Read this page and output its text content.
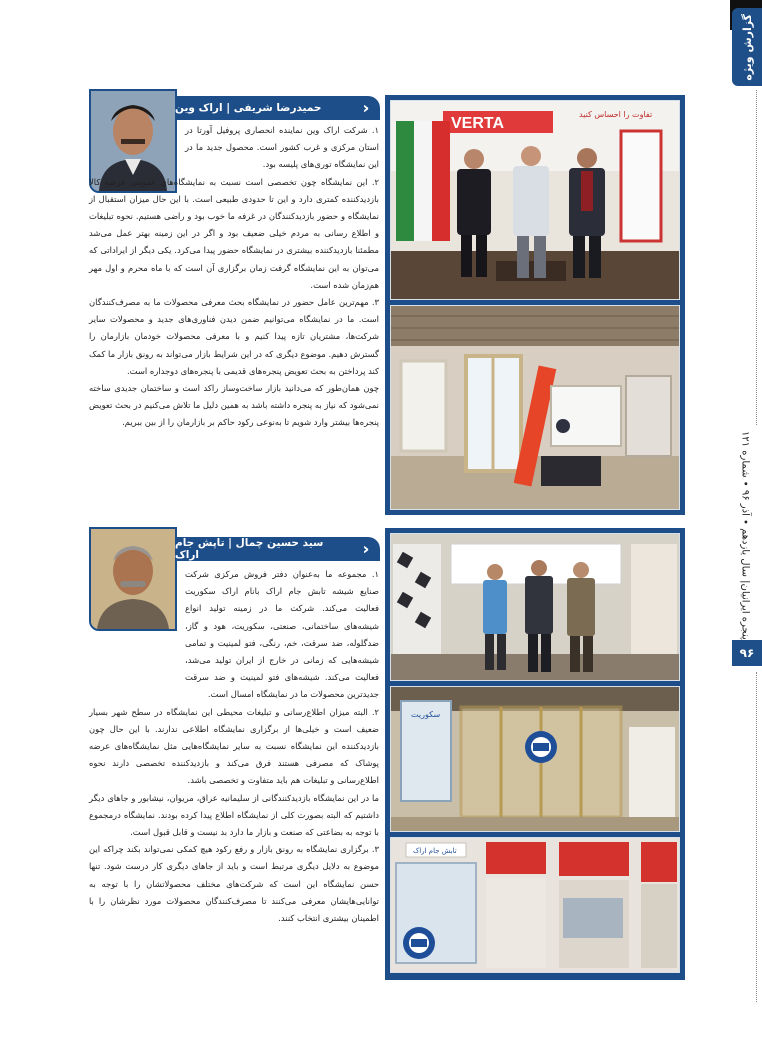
گزارش ویژه
پنجره ایرانیان| سال یازدهم • آذر ۹۶ • شماره ۱۲۱
۹۶
VERTA
تفاوت را احساس کنید
›››
حمیدرضا شریفی | اراک وین

۱. شرکت اراک وین نماینده انحصاری پروفیل آورتا در استان مرکزی و غرب کشور است. محصول جدید ما در این نمایشگاه توری‌های پلیسه بود.

۲. این نمایشگاه چون تخصصی است نسبت به نمایشگاه‌های عمومی عرضه کالا بازدیدکننده کمتری دارد و این تا حدودی طبیعی است. با این حال میزان استقبال از نمایشگاه و حضور بازدیدکنندگان در غرفه ما خوب بود و راضی هستیم. نحوه تبلیغات و اطلاع رسانی به مردم خیلی ضعیف بود و اگر در این زمینه بهتر عمل می‌شد مطمئنا بازدیدکننده بیشتری در نمایشگاه حضور پیدا می‌کرد. یکی دیگر از ایراداتی که می‌توان به این نمایشگاه گرفت زمان برگزاری آن است که با ماه محرم و اول مهر هم‌زمان شده است.

۳. مهم‌ترین عامل حضور در نمایشگاه بحث معرفی محصولات ما به مصرف‌کنندگان است. ما در نمایشگاه می‌توانیم ضمن دیدن فناوری‌های جدید و محصولات سایر شرکت‌ها، مشتریان تازه پیدا کنیم و با معرفی محصولات خودمان بازارمان را گسترش دهیم. موضوع دیگری که در این شرایط بازار می‌تواند به رونق بازار ما کمک کند پرداختن به بحث تعویض پنجره‌های قدیمی با پنجره‌های دوجداره است.

چون همان‌طور که می‌دانید بازار ساخت‌وساز راکد است و ساختمان جدیدی ساخته نمی‌شود که نیاز به پنجره داشته باشد به همین دلیل ما تلاش می‌کنیم در بحث تعویض پنجره‌ها بیشتر وارد شویم تا به‌نوعی رکود حاکم بر بازارمان را از بین ببریم.

سکوریت
تابش جام اراک
›››
سید حسین چمال | تاپش جام اراک

۱. مجموعه ما به‌عنوان دفتر فروش مرکزی شرکت صنایع شیشه تابش جام اراک بانام اراک سکوریت فعالیت می‌کند. شرکت ما در زمینه تولید انواع شیشه‌های ساختمانی، صنعتی، سکوریت، هود و گاز، ضدگلوله، ضد سرقت، خم، رنگی، فتو لمینیت و تمامی شیشه‌هایی که زمانی در خارج از ایران تولید می‌شد، فعالیت می‌کند. شیشه‌های فتو لمینیت و ضد سرقت جدیدترین محصولات ما در نمایشگاه امسال است.

۲. البته میزان اطلاع‌رسانی و تبلیغات محیطی این نمایشگاه در سطح شهر بسیار ضعیف است و خیلی‌ها از برگزاری نمایشگاه اطلاعی ندارند. با این حال چون بازدیدکننده این نمایشگاه نسبت به سایر نمایشگاه‌هایی مثل نمایشگاه‌های عرضه پوشاک که مصرفی هستند فرق می‌کند و بازدیدکننده تخصصی دارند نحوه اطلاع‌رسانی و تبلیغات هم باید متفاوت و تخصصی باشد.

ما در این نمایشگاه بازدیدکنندگانی از سلیمانیه عراق، مریوان، نیشابور و جاهای دیگر داشتیم که البته بصورت کلی از نمایشگاه اطلاع پیدا کرده بودند. نمایشگاه درمجموع با توجه به بضاعتی که صنعت و بازار ما دارد بد نیست و قابل قبول است.

۳. برگزاری نمایشگاه به رونق بازار و رفع رکود هیچ کمکی نمی‌تواند بکند چراکه این موضوع به دلایل دیگری مرتبط است و باید از جاهای دیگری کار درست شود. تنها حسن نمایشگاه این است که شرکت‌های مختلف محصولاتشان را با توجه به توانایی‌هایشان معرفی می‌کنند تا مصرف‌کنندگان محصولات مورد نظرشان را با اطمینان بیشتری انتخاب کنند.
